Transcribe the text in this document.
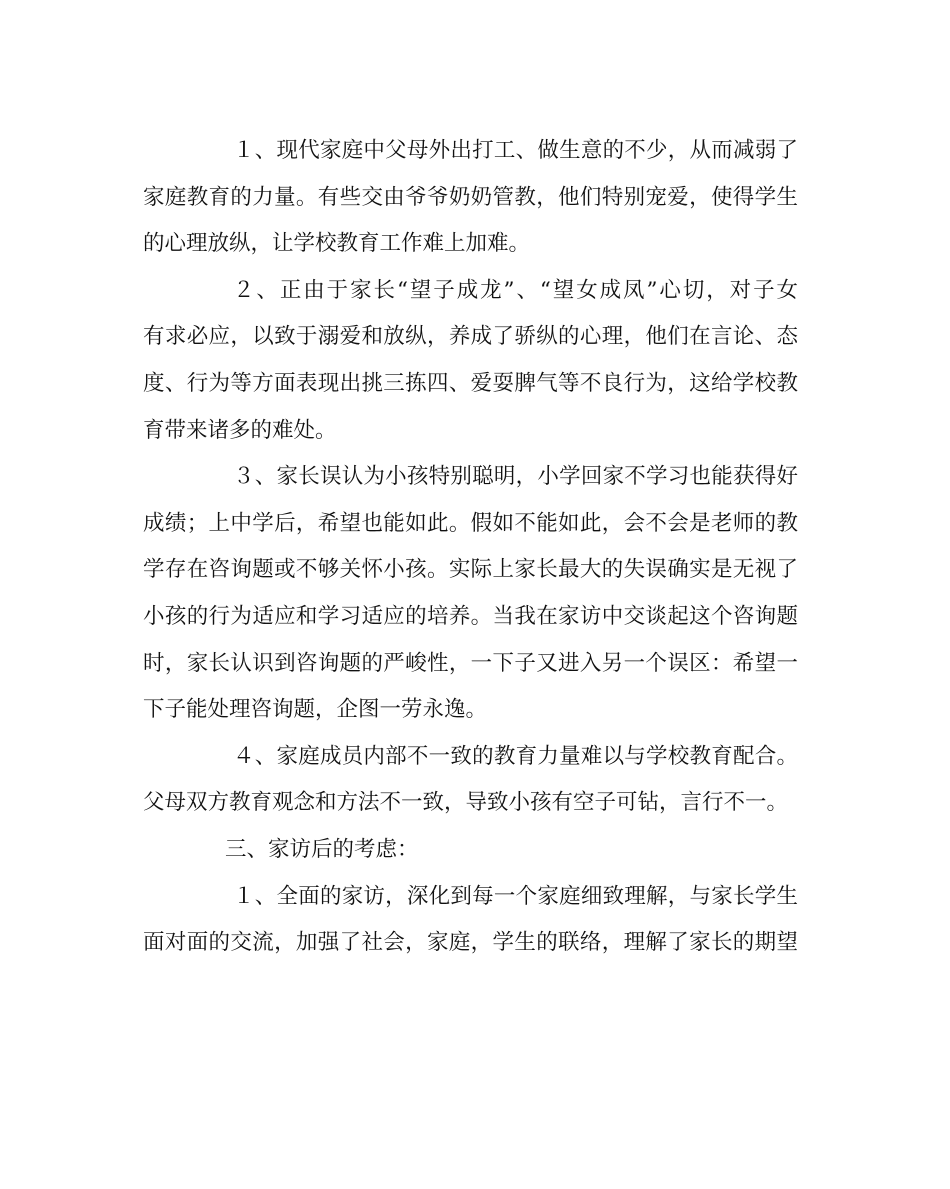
１、现代家庭中父母外出打工、做生意的不少，从而减弱了
家庭教育的力量。有些交由爷爷奶奶管教，他们特别宠爱，使得学生
的心理放纵，让学校教育工作难上加难。
２、正由于家长“望子成龙”、“望女成凤”心切，对子女
有求必应，以致于溺爱和放纵，养成了骄纵的心理，他们在言论、态
度、行为等方面表现出挑三拣四、爱耍脾气等不良行为，这给学校教
育带来诸多的难处。
３、家长误认为小孩特别聪明，小学回家不学习也能获得好
成绩；上中学后，希望也能如此。假如不能如此，会不会是老师的教
学存在咨询题或不够关怀小孩。实际上家长最大的失误确实是无视了
小孩的行为适应和学习适应的培养。当我在家访中交谈起这个咨询题
时，家长认识到咨询题的严峻性，一下子又进入另一个误区：希望一
下子能处理咨询题，企图一劳永逸。
４、家庭成员内部不一致的教育力量难以与学校教育配合。
父母双方教育观念和方法不一致，导致小孩有空子可钻，言行不一。
三、家访后的考虑：
１、全面的家访，深化到每一个家庭细致理解，与家长学生
面对面的交流，加强了社会，家庭，学生的联络，理解了家长的期望
